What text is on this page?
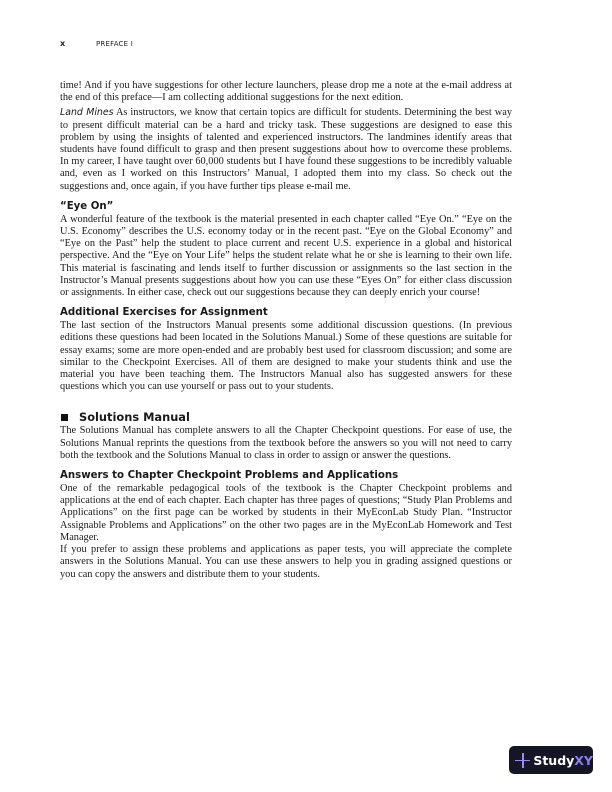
x	PREFACE I

time! And if you have suggestions for other lecture launchers, please drop me a note at the e-mail address at the end of this preface—I am collecting additional suggestions for the next edition.

Land Mines As instructors, we know that certain topics are difficult for students. Determining the best way to present difficult material can be a hard and tricky task. These suggestions are designed to ease this problem by using the insights of talented and experienced instructors. The landmines identify areas that students have found difficult to grasp and then present suggestions about how to overcome these problems. In my career, I have taught over 60,000 students but I have found these suggestions to be incredibly valuable and, even as I worked on this Instructors’ Manual, I adopted them into my class. So check out the suggestions and, once again, if you have further tips please e-mail me.

“Eye On”

A wonderful feature of the textbook is the material presented in each chapter called “Eye On.” “Eye on the U.S. Economy” describes the U.S. economy today or in the recent past. “Eye on the Global Economy” and “Eye on the Past” help the student to place current and recent U.S. experience in a global and historical perspective. And the “Eye on Your Life” helps the student relate what he or she is learning to their own life. This material is fascinating and lends itself to further discussion or assignments so the last section in the Instructor’s Manual presents suggestions about how you can use these “Eyes On” for either class discussion or assignments. In either case, check out our suggestions because they can deeply enrich your course!

Additional Exercises for Assignment

The last section of the Instructors Manual presents some additional discussion questions. (In previous editions these questions had been located in the Solutions Manual.) Some of these questions are suitable for essay exams; some are more open-ended and are probably best used for classroom discussion; and some are similar to the Checkpoint Exercises. All of them are designed to make your students think and use the material you have been teaching them. The Instructors Manual also has suggested answers for these questions which you can use yourself or pass out to your students.

Solutions Manual

The Solutions Manual has complete answers to all the Chapter Checkpoint questions. For ease of use, the Solutions Manual reprints the questions from the textbook before the answers so you will not need to carry both the textbook and the Solutions Manual to class in order to assign or answer the questions.

Answers to Chapter Checkpoint Problems and Applications

One of the remarkable pedagogical tools of the textbook is the Chapter Checkpoint problems and applications at the end of each chapter. Each chapter has three pages of questions; “Study Plan Problems and Applications” on the first page can be worked by students in their MyEconLab Study Plan. “Instructor Assignable Problems and Applications” on the other two pages are in the MyEconLab Homework and Test Manager.

If you prefer to assign these problems and applications as paper tests, you will appreciate the complete answers in the Solutions Manual. You can use these answers to help you in grading assigned questions or you can copy the answers and distribute them to your students.

Study XY
